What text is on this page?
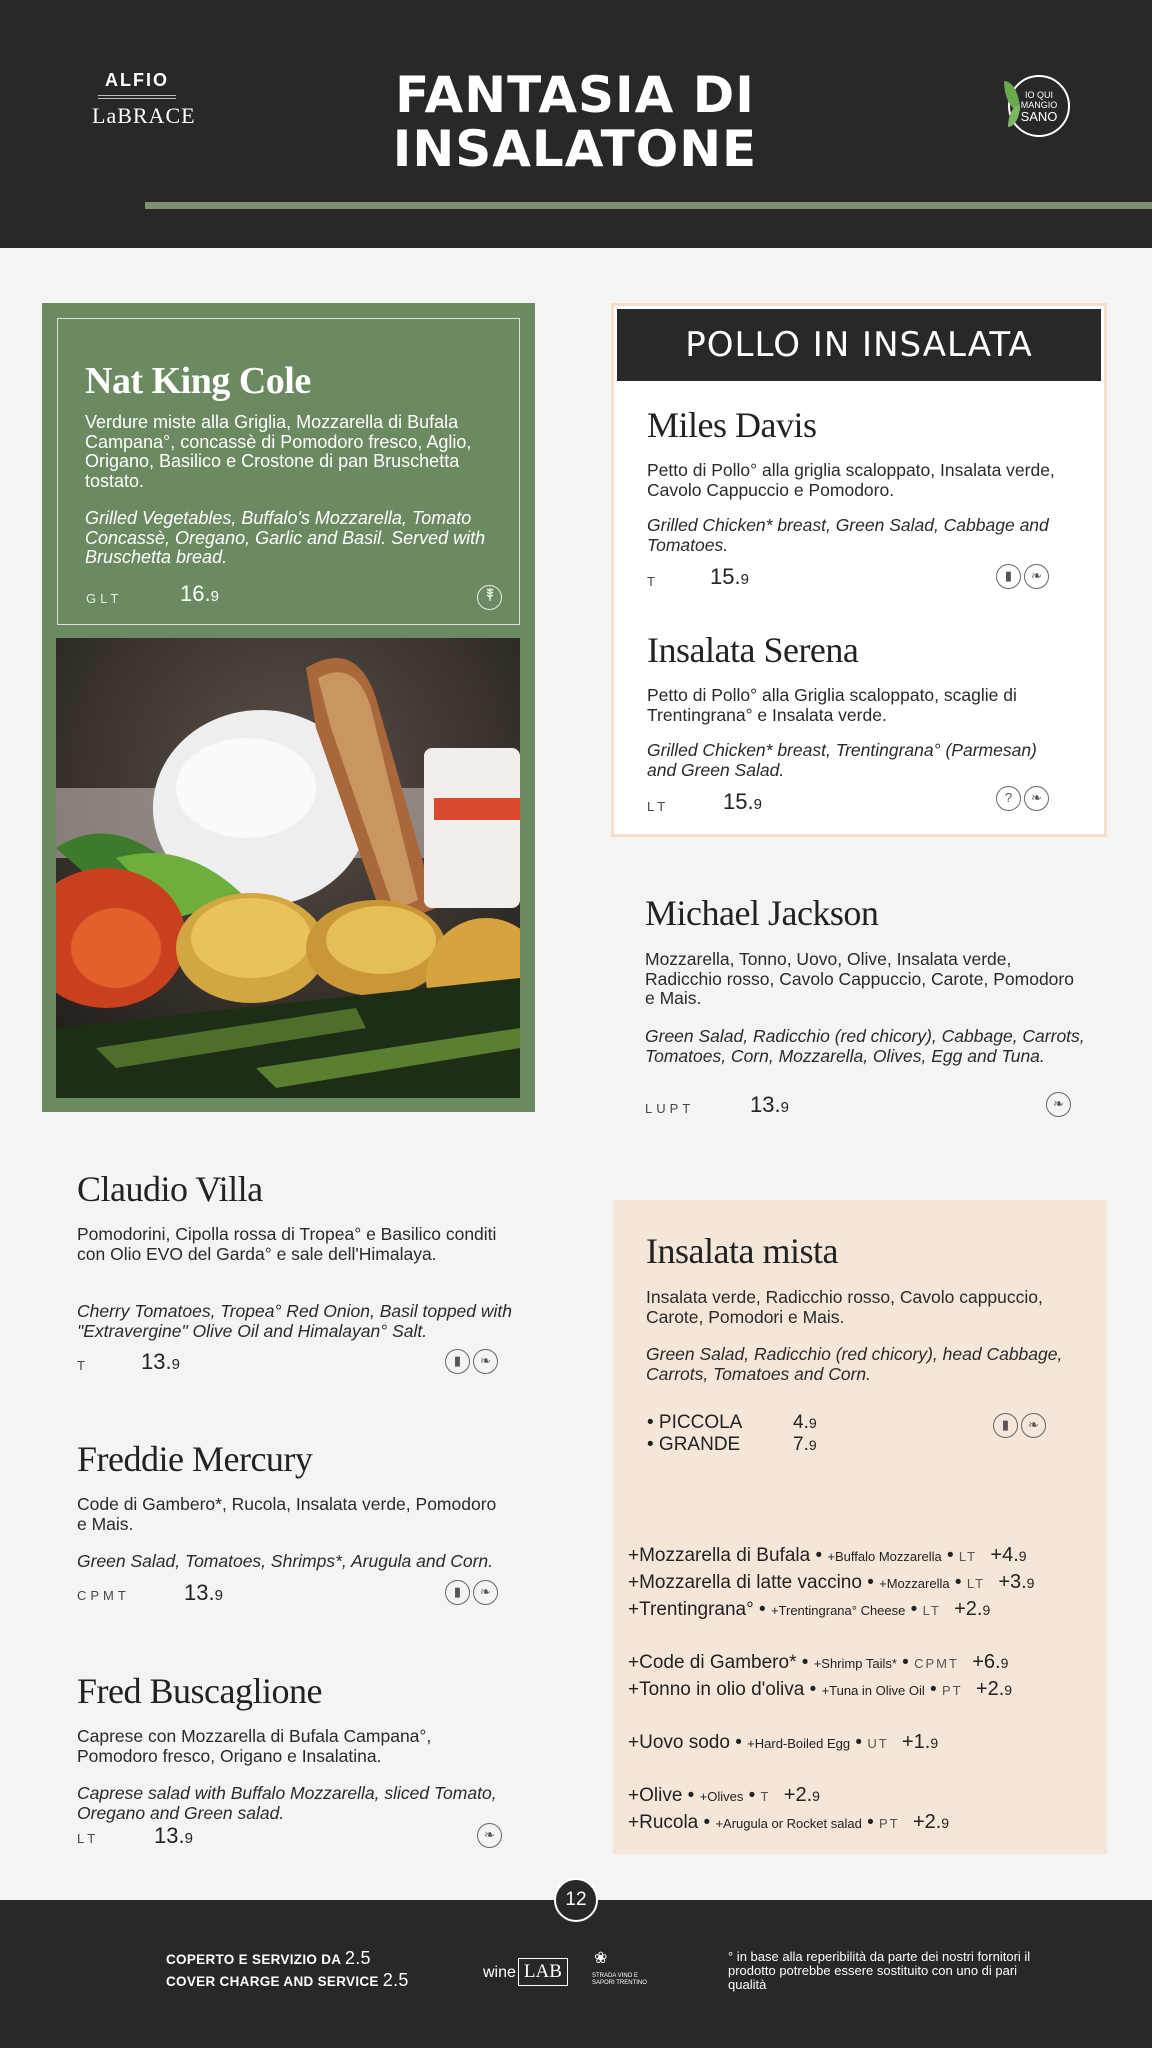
ALFIO
LaBRACE	FANTASIA DI
INSALATONE
IO QUI
MANGIO
SANO
Nat King Cole
Verdure miste alla Griglia, Mozzarella di Bufala Campana°, concassè di Pomodoro fresco, Aglio, Origano, Basilico e Crostone di pan Bruschetta tostato.
Grilled Vegetables, Buffalo's Mozzarella, Tomato Concassè, Oregano, Garlic and Basil. Served with Bruschetta bread.
GLT	16.9
POLLO IN INSALATA
Miles Davis
Petto di Pollo° alla griglia scaloppato, Insalata verde, Cavolo Cappuccio e Pomodoro.
Grilled Chicken* breast, Green Salad, Cabbage and Tomatoes.
T 15.9	▮ ❧
Insalata Serena
Petto di Pollo° alla Griglia scaloppato, scaglie di Trentingrana° e Insalata verde.
Grilled Chicken* breast, Trentingrana° (Parmesan) and Green Salad.
LT 15.9	? ❧
Michael Jackson
Mozzarella, Tonno, Uovo, Olive, Insalata verde, Radicchio rosso, Cavolo Cappuccio, Carote, Pomodoro e Mais.
Green Salad, Radicchio (red chicory), Cabbage, Carrots, Tomatoes, Corn, Mozzarella, Olives, Egg and Tuna.
LUPT	13.9	❧
Claudio Villa
Pomodorini, Cipolla rossa di Tropea° e Basilico conditi con Olio EVO del Garda° e sale dell'Himalaya.
Cherry Tomatoes, Tropea° Red Onion, Basil topped with "Extravergine" Olive Oil and Himalayan° Salt.
T 13.9	▮ ❧
Freddie Mercury
Code di Gambero*, Rucola, Insalata verde, Pomodoro e Mais.
Green Salad, Tomatoes, Shrimps*, Arugula and Corn.
CPMT 13.9	▮ ❧
Fred Buscaglione
Caprese con Mozzarella di Bufala Campana°, Pomodoro fresco, Origano e Insalatina.
Caprese salad with Buffalo Mozzarella, sliced Tomato, Oregano and Green salad.
LT 13.9	❧
Insalata mista
Insalata verde, Radicchio rosso, Cavolo cappuccio, Carote, Pomodori e Mais.
Green Salad, Radicchio (red chicory), head Cabbage, Carrots, Tomatoes and Corn.
• PICCOLA	4.9
• GRANDE	7.9
▮ ❧
+Mozzarella di Bufala • +Buffalo Mozzarella • LT +4.9
+Mozzarella di latte vaccino • +Mozzarella • LT +3.9
+Trentingrana° • +Trentingrana° Cheese • LT +2.9
+Code di Gambero* • +Shrimp Tails* • CPMT +6.9
+Tonno in olio d'oliva • +Tuna in Olive Oil • PT +2.9
+Uovo sodo • +Hard-Boiled Egg • UT +1.9
+Olive • +Olives • T +2.9
+Rucola • +Arugula or Rocket salad • PT +2.9
COPERTO E SERVIZIO DA 2.5
COVER CHARGE AND SERVICE 2.5	wine LAB
❀
STRADA VINO E SAPORI TRENTINO
° in base alla reperibilità da parte dei nostri fornitori il prodotto potrebbe essere sostituito con uno di pari qualità
12
